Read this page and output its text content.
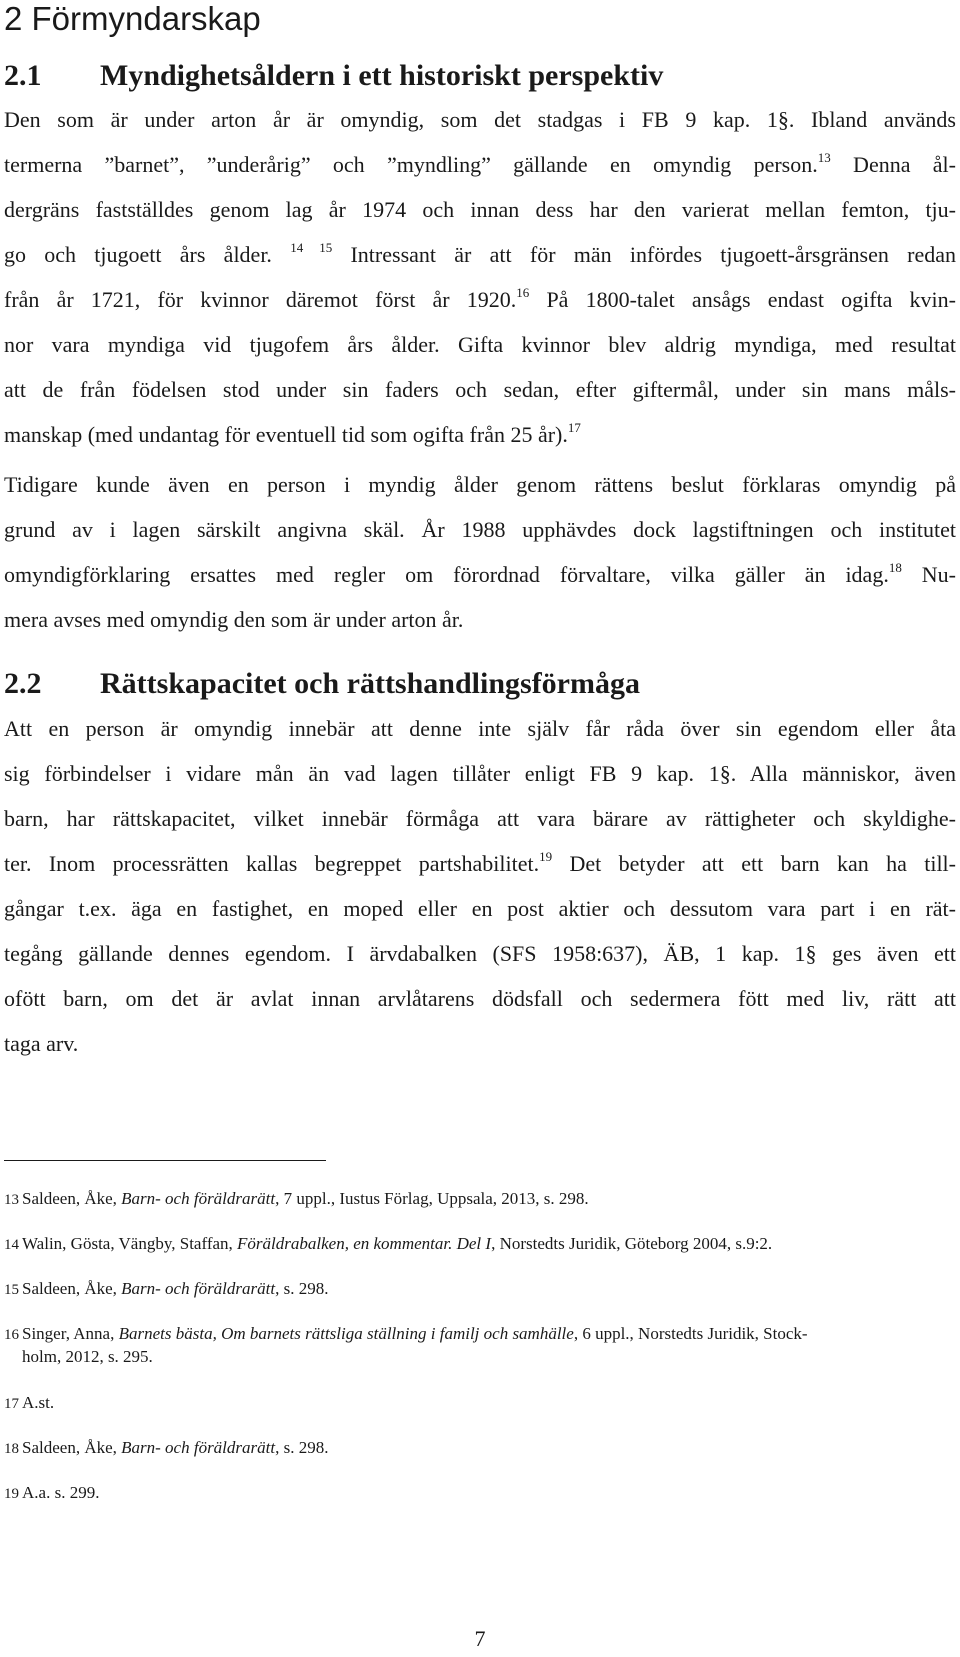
2 Förmyndarskap
2.1 Myndighetsåldern i ett historiskt perspektiv
Den som är under arton år är omyndig, som det stadgas i FB 9 kap. 1§. Ibland används
termerna ”barnet”, ”underårig” och ”myndling” gällande en omyndig person.$^{13}$ Denna ål-
dergräns fastställdes genom lag år 1974 och innan dess har den varierat mellan femton, tju-
go och tjugoett års ålder. $^{14}$ $^{15}$ Intressant är att för män infördes tjugoett-årsgränsen redan
från år 1721, för kvinnor däremot först år 1920.16 På 1800-talet ansågs endast ogifta kvin-
nor vara myndiga vid tjugofem års ålder. Gifta kvinnor blev aldrig myndiga, med resultat
att de från födelsen stod under sin faders och sedan, efter giftermål, under sin mans måls-
manskap (med undantag för eventuell tid som ogifta från 25 år).$^{17}$
Tidigare kunde även en person i myndig ålder genom rättens beslut förklaras omyndig på
grund av i lagen särskilt angivna skäl. År 1988 upphävdes dock lagstiftningen och institutet
omyndigförklaring ersattes med regler om förordnad förvaltare, vilka gäller än idag.$^{18}$ Nu-
mera avses med omyndig den som är under arton år.
2.2 Rättskapacitet och rättshandlingsförmåga
Att en person är omyndig innebär att denne inte själv får råda över sin egendom eller åta
sig förbindelser i vidare mån än vad lagen tillåter enligt FB 9 kap. 1§. Alla människor, även
barn, har rättskapacitet, vilket innebär förmåga att vara bärare av rättigheter och skyldighe-
ter. Inom processrätten kallas begreppet partshabilitet.$^{19}$ Det betyder att ett barn kan ha till-
gångar t.ex. äga en fastighet, en moped eller en post aktier och dessutom vara part i en rät-
tegång gällande dennes egendom. I ärvdabalken (SFS 1958:637), ÄB, 1 kap. 1§ ges även ett
ofött barn, om det är avlat innan arvlåtarens dödsfall och sedermera fött med liv, rätt att
taga arv.
13 Saldeen, Åke, Barn- och föräldrarätt, 7 uppl., Iustus Förlag, Uppsala, 2013, s. 298.
14 Walin, Gösta, Vängby, Staffan, Föräldrabalken, en kommentar. Del I, Norstedts Juridik, Göteborg 2004, s.9:2.
15 Saldeen, Åke, Barn- och föräldrarätt, s. 298.
16 Singer, Anna, Barnets bästa, Om barnets rättsliga ställning i familj och samhälle, 6 uppl., Norstedts Juridik, Stock-
holm, 2012, s. 295.
17 A.st.
18 Saldeen, Åke, Barn- och föräldrarätt, s. 298.
19 A.a. s. 299.
7
